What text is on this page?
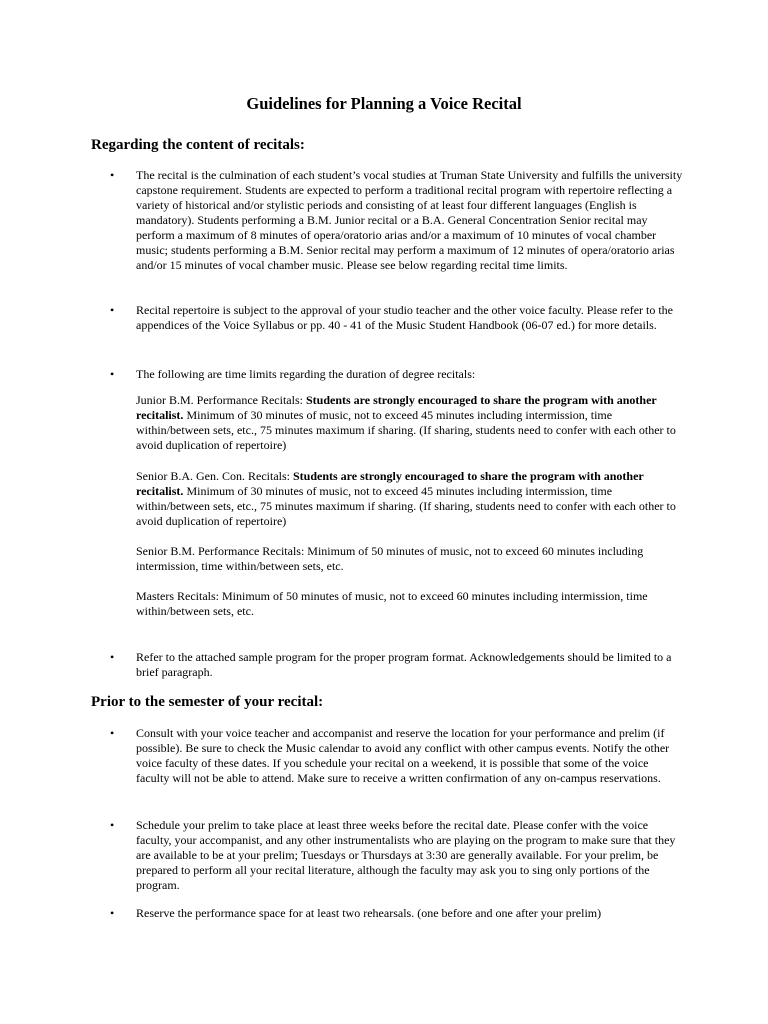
Guidelines for Planning a Voice Recital
Regarding the content of recitals:
• The recital is the culmination of each student’s vocal studies at Truman State University and fulfills the university capstone requirement. Students are expected to perform a traditional recital program with repertoire reflecting a variety of historical and/or stylistic periods and consisting of at least four different languages (English is mandatory). Students performing a B.M. Junior recital or a B.A. General Concentration Senior recital may perform a maximum of 8 minutes of opera/oratorio arias and/or a maximum of 10 minutes of vocal chamber music; students performing a B.M. Senior recital may perform a maximum of 12 minutes of opera/oratorio arias and/or 15 minutes of vocal chamber music. Please see below regarding recital time limits.
• Recital repertoire is subject to the approval of your studio teacher and the other voice faculty. Please refer to the appendices of the Voice Syllabus or pp. 40 - 41 of the Music Student Handbook (06-07 ed.) for more details.
• The following are time limits regarding the duration of degree recitals:

Junior B.M. Performance Recitals: Students are strongly encouraged to share the program with another recitalist. Minimum of 30 minutes of music, not to exceed 45 minutes including intermission, time within/between sets, etc., 75 minutes maximum if sharing. (If sharing, students need to confer with each other to avoid duplication of repertoire)

Senior B.A. Gen. Con. Recitals: Students are strongly encouraged to share the program with another recitalist. Minimum of 30 minutes of music, not to exceed 45 minutes including intermission, time within/between sets, etc., 75 minutes maximum if sharing. (If sharing, students need to confer with each other to avoid duplication of repertoire)

Senior B.M. Performance Recitals: Minimum of 50 minutes of music, not to exceed 60 minutes including intermission, time within/between sets, etc.
Masters Recitals: Minimum of 50 minutes of music, not to exceed 60 minutes including intermission, time within/between sets, etc.
• Refer to the attached sample program for the proper program format. Acknowledgements should be limited to a brief paragraph.
Prior to the semester of your recital:
• Consult with your voice teacher and accompanist and reserve the location for your performance and prelim (if possible). Be sure to check the Music calendar to avoid any conflict with other campus events. Notify the other voice faculty of these dates. If you schedule your recital on a weekend, it is possible that some of the voice faculty will not be able to attend. Make sure to receive a written confirmation of any on-campus reservations.
• Schedule your prelim to take place at least three weeks before the recital date. Please confer with the voice faculty, your accompanist, and any other instrumentalists who are playing on the program to make sure that they are available to be at your prelim; Tuesdays or Thursdays at 3:30 are generally available. For your prelim, be prepared to perform all your recital literature, although the faculty may ask you to sing only portions of the program.
• Reserve the performance space for at least two rehearsals. (one before and one after your prelim)
